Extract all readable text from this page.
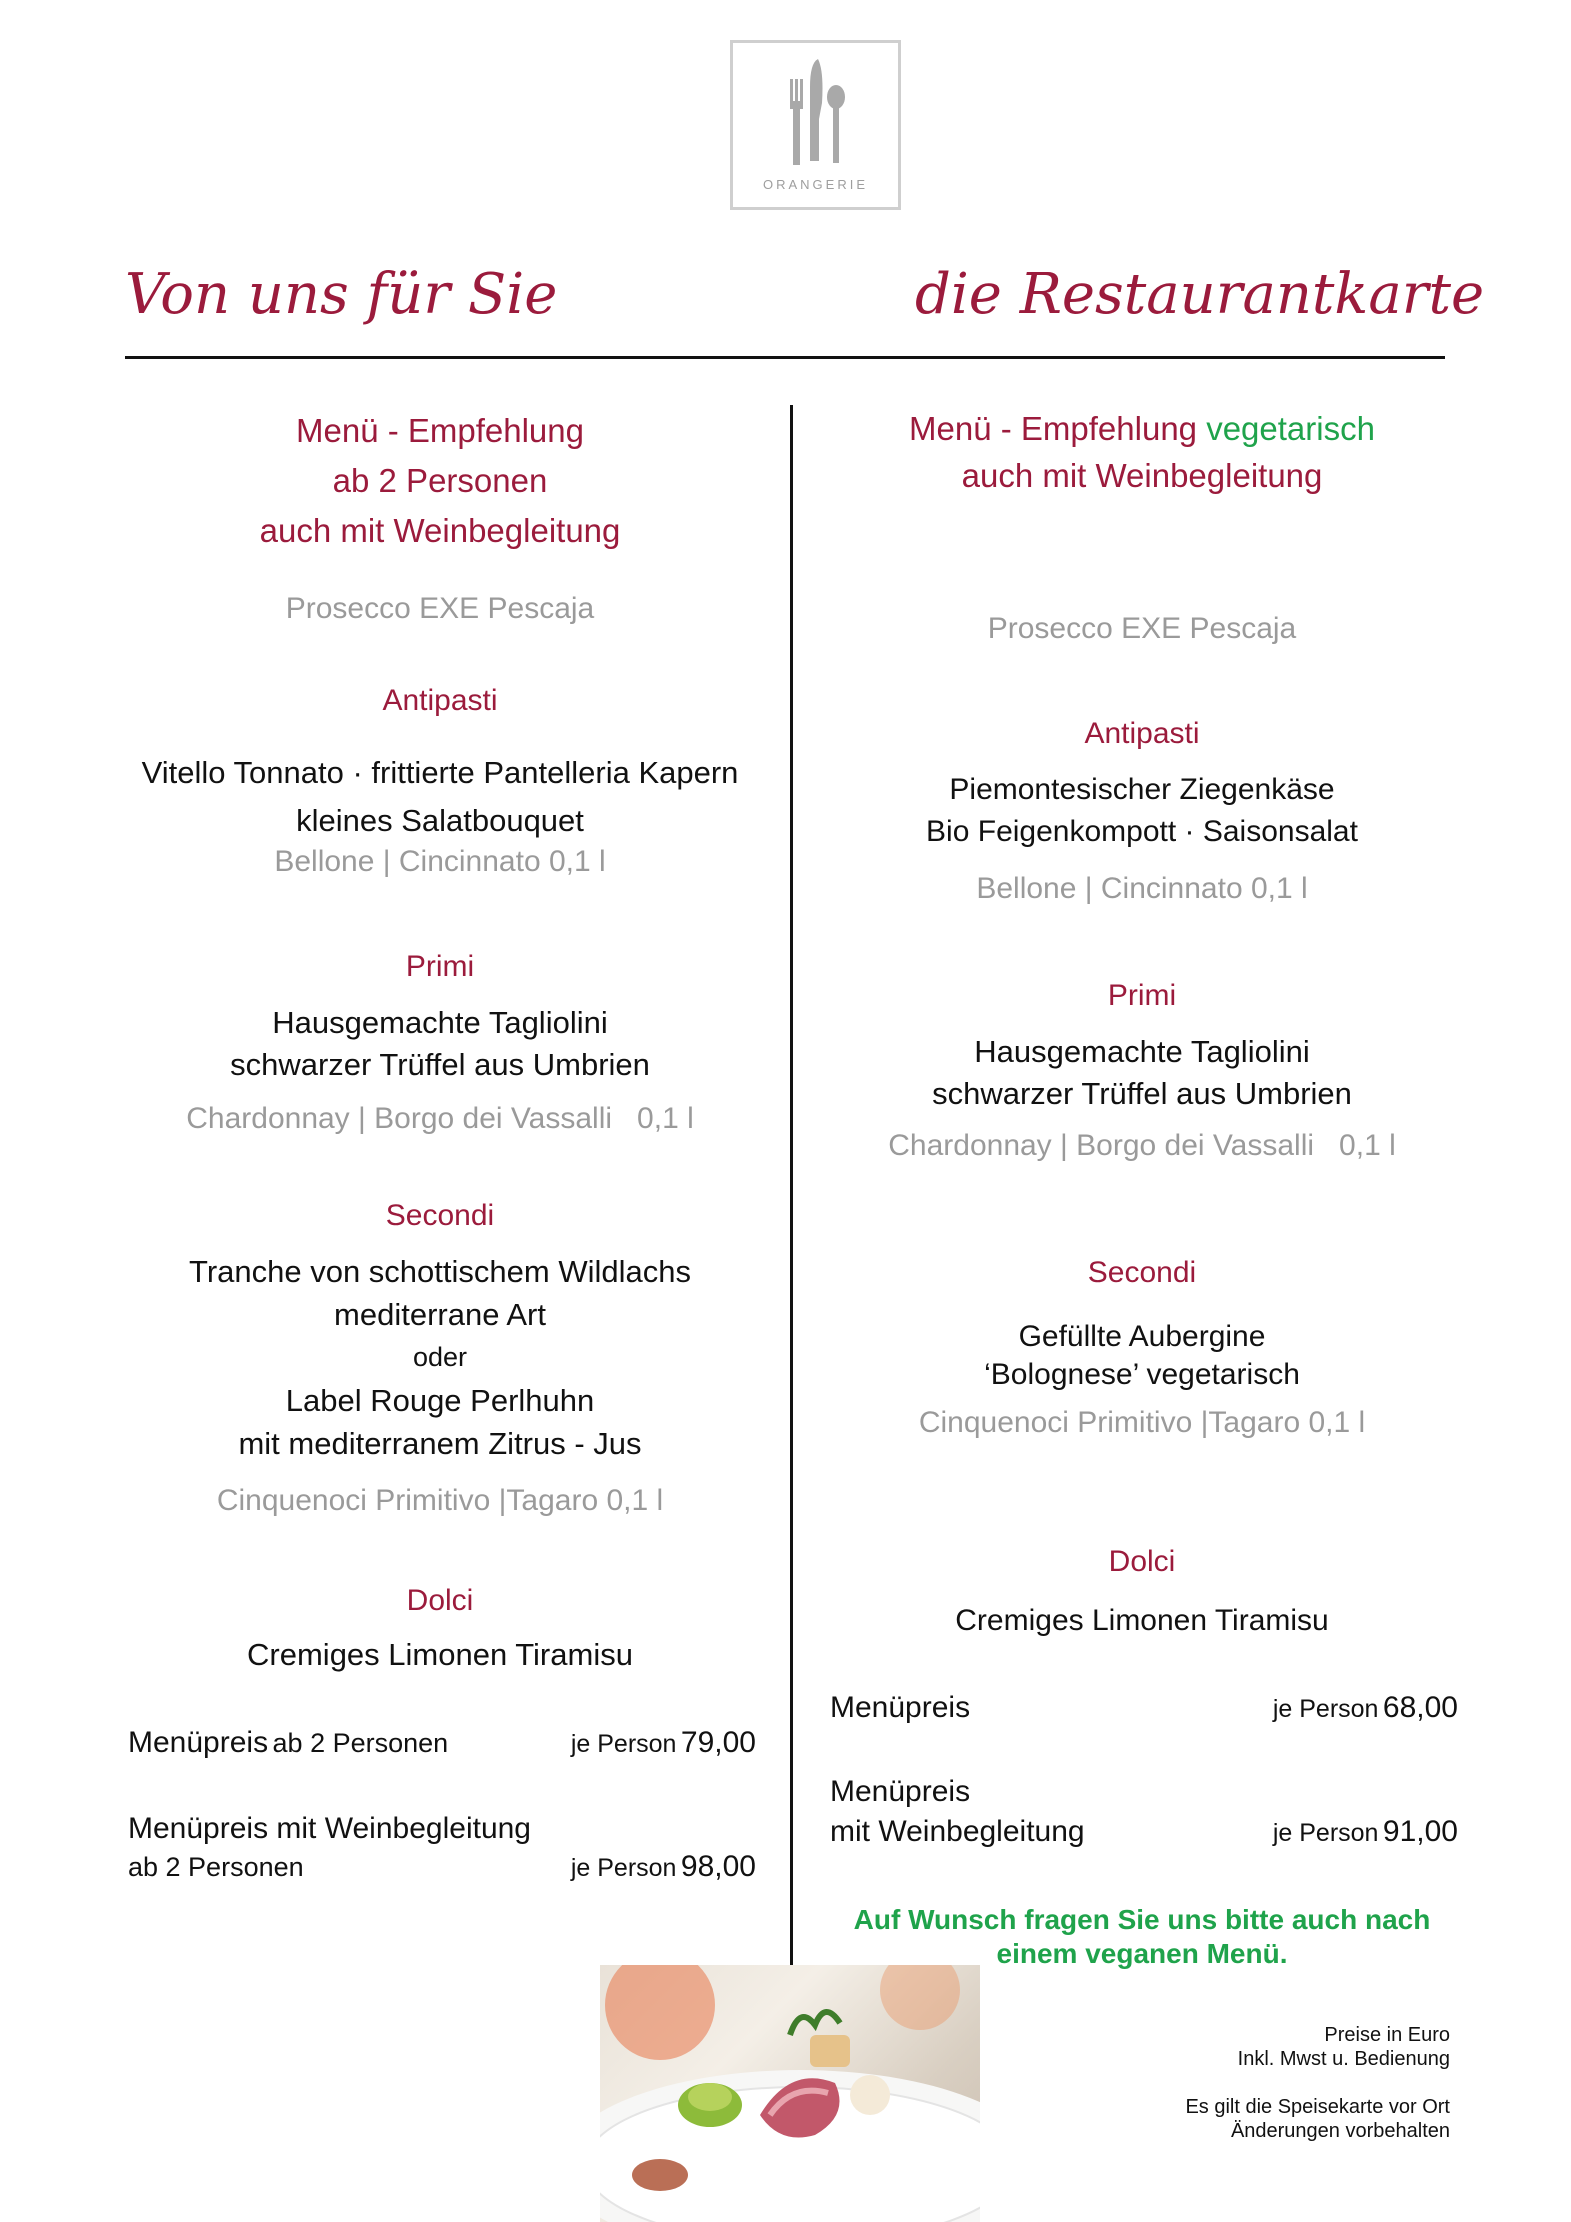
ORANGERIE
Von uns für Sie	die Restaurantkarte
Menü - Empfehlung
ab 2 Personen
auch mit Weinbegleitung
Prosecco EXE Pescaja
Antipasti
Vitello Tonnato · frittierte Pantelleria Kapern
kleines Salatbouquet
Bellone | Cincinnato 0,1 l
Primi
Hausgemachte Tagliolini
schwarzer Trüffel aus Umbrien
Chardonnay | Borgo dei Vassalli   0,1 l
Secondi
Tranche von schottischem Wildlachs
mediterrane Art
oder
Label Rouge Perlhuhn
mit mediterranem Zitrus - Jus
Cinquenoci Primitivo |Tagaro 0,1 l
Dolci
Cremiges Limonen Tiramisu
Menüpreis ab 2 Personen	je Person 79,00
Menüpreis mit Weinbegleitung
ab 2 Personen	je Person 98,00
Menü - Empfehlung vegetarisch
auch mit Weinbegleitung
Prosecco EXE Pescaja
Antipasti
Piemontesischer Ziegenkäse
Bio Feigenkompott · Saisonsalat
Bellone | Cincinnato 0,1 l
Primi
Hausgemachte Tagliolini
schwarzer Trüffel aus Umbrien
Chardonnay | Borgo dei Vassalli   0,1 l
Secondi
Gefüllte Aubergine
‘Bolognese’ vegetarisch
Cinquenoci Primitivo |Tagaro 0,1 l
Dolci
Cremiges Limonen Tiramisu
Menüpreis	je Person 68,00
Menüpreis
mit Weinbegleitung	je Person 91,00
Auf Wunsch fragen Sie uns bitte auch nach
einem veganen Menü.
Preise in Euro
Inkl. Mwst u. Bedienung
Es gilt die Speisekarte vor Ort
Änderungen vorbehalten
